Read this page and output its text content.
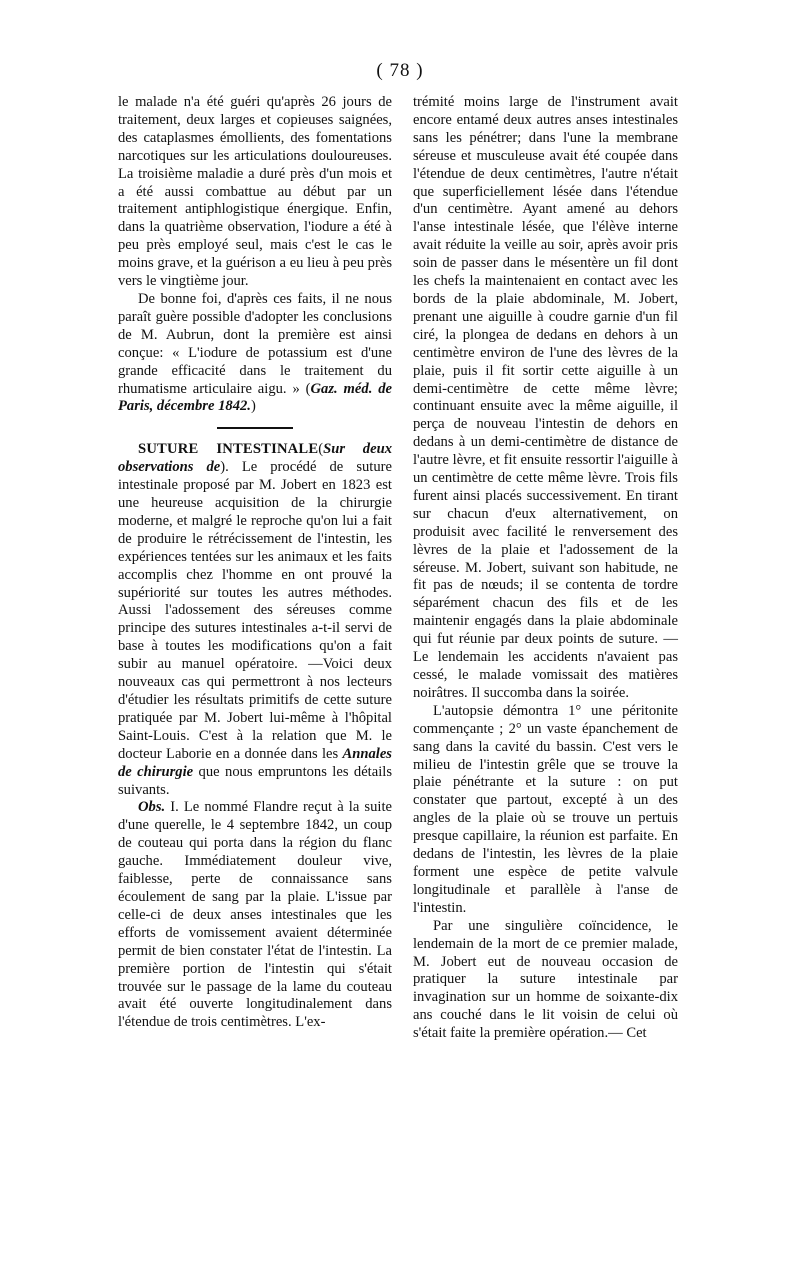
( 78 )

le malade n'a été guéri qu'après 26 jours de traitement, deux larges et copieuses saignées, des cataplasmes émollients, des fomentations narcotiques sur les articulations douloureuses. La troisième maladie a duré près d'un mois et a été aussi combattue au début par un traitement antiphlogistique énergique. Enfin, dans la quatrième observation, l'iodure a été à peu près employé seul, mais c'est le cas le moins grave, et la guérison a eu lieu à peu près vers le vingtième jour.

De bonne foi, d'après ces faits, il ne nous paraît guère possible d'adopter les conclusions de M. Aubrun, dont la première est ainsi conçue: « L'iodure de potassium est d'une grande efficacité dans le traitement du rhumatisme articulaire aigu. » (Gaz. méd. de Paris, décembre 1842.)

SUTURE INTESTINALE(Sur deux observations de). Le procédé de suture intestinale proposé par M. Jobert en 1823 est une heureuse acquisition de la chirurgie moderne, et malgré le reproche qu'on lui a fait de produire le rétrécissement de l'intestin, les expériences tentées sur les animaux et les faits accomplis chez l'homme en ont prouvé la supériorité sur toutes les autres méthodes. Aussi l'adossement des séreuses comme principe des sutures intestinales a-t-il servi de base à toutes les modifications qu'on a fait subir au manuel opératoire. —Voici deux nouveaux cas qui permettront à nos lecteurs d'étudier les résultats primitifs de cette suture pratiquée par M. Jobert lui-même à l'hôpital Saint-Louis. C'est à la relation que M. le docteur Laborie en a donnée dans les Annales de chirurgie que nous empruntons les détails suivants.

Obs. I. Le nommé Flandre reçut à la suite d'une querelle, le 4 septembre 1842, un coup de couteau qui porta dans la région du flanc gauche. Immédiatement douleur vive, faiblesse, perte de connaissance sans écoulement de sang par la plaie. L'issue par celle-ci de deux anses intestinales que les efforts de vomissement avaient déterminée permit de bien constater l'état de l'intestin. La première portion de l'intestin qui s'était trouvée sur le passage de la lame du couteau avait été ouverte longitudinalement dans l'étendue de trois centimètres. L'ex-

trémité moins large de l'instrument avait encore entamé deux autres anses intestinales sans les pénétrer; dans l'une la membrane séreuse et musculeuse avait été coupée dans l'étendue de deux centimètres, l'autre n'était que superficiellement lésée dans l'étendue d'un centimètre. Ayant amené au dehors l'anse intestinale lésée, que l'élève interne avait réduite la veille au soir, après avoir pris soin de passer dans le mésentère un fil dont les chefs la maintenaient en contact avec les bords de la plaie abdominale, M. Jobert, prenant une aiguille à coudre garnie d'un fil ciré, la plongea de dedans en dehors à un centimètre environ de l'une des lèvres de la plaie, puis il fit sortir cette aiguille à un demi-centimètre de cette même lèvre; continuant ensuite avec la même aiguille, il perça de nouveau l'intestin de dehors en dedans à un demi-centimètre de distance de l'autre lèvre, et fit ensuite ressortir l'aiguille à un centimètre de cette même lèvre. Trois fils furent ainsi placés successivement. En tirant sur chacun d'eux alternativement, on produisit avec facilité le renversement des lèvres de la plaie et l'adossement de la séreuse. M. Jobert, suivant son habitude, ne fit pas de nœuds; il se contenta de tordre séparément chacun des fils et de les maintenir engagés dans la plaie abdominale qui fut réunie par deux points de suture. — Le lendemain les accidents n'avaient pas cessé, le malade vomissait des matières noirâtres. Il succomba dans la soirée.

L'autopsie démontra 1° une péritonite commençante ; 2° un vaste épanchement de sang dans la cavité du bassin. C'est vers le milieu de l'intestin grêle que se trouve la plaie pénétrante et la suture : on put constater que partout, excepté à un des angles de la plaie où se trouve un pertuis presque capillaire, la réunion est parfaite. En dedans de l'intestin, les lèvres de la plaie forment une espèce de petite valvule longitudinale et parallèle à l'anse de l'intestin.

Par une singulière coïncidence, le lendemain de la mort de ce premier malade, M. Jobert eut de nouveau occasion de pratiquer la suture intestinale par invagination sur un homme de soixante-dix ans couché dans le lit voisin de celui où s'était faite la première opération.— Cet
